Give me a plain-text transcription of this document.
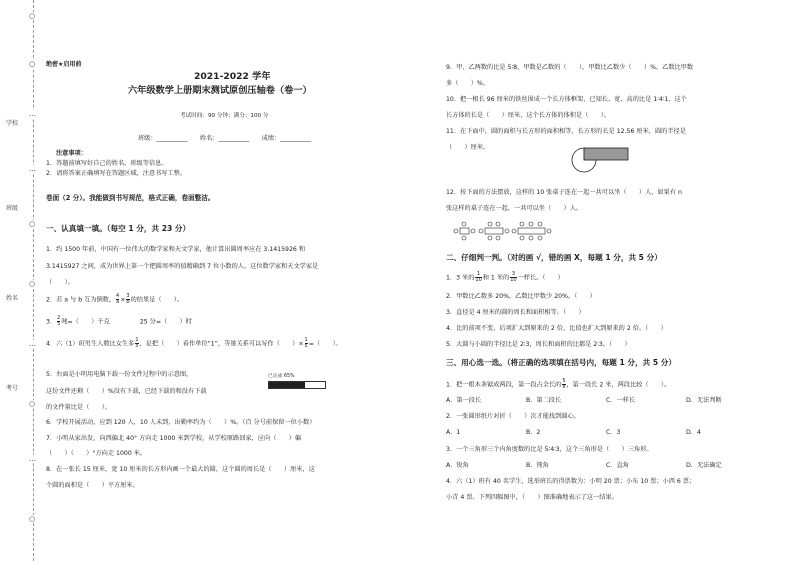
○
○
…
…
○
○
…
○
…
○
学校
班级
姓名
考号

绝密★启用前

2021-2022 学年

六年级数学上册期末测试原创压轴卷（卷一）

考试时间：90 分钟；满分：100 分

班级：__________　　姓名：__________　　成绩：__________

注意事项：

1．答题前填写好自己的姓名、班级等信息。

2．请将答案正确填写在答题区域，注意书写工整。

卷面（2 分）。我能做到书写规范，格式正确，卷面整洁。

一、认真填一填。（每空 1 分，共 23 分）

1．约 1500 年前，中国有一位伟大的数学家和天文学家，他计算出圆周率应在 3.1415926 和

3.1415927 之间，成为世界上第一个把圆周率的值精确到 7 位小数的人。这位数学家和天文学家是

（　　）。

2．若 a 与 b 互为倒数， $\frac{4}{a} \times \frac{3}{b}$ 的结果是（　　）。

3． $\frac{2}{5}$ 吨=（　　）千克	25 分=（　　）时

4．六（1）班男生人数比女生多 $\frac{1}{5}$ ，是把（　　）看作单位“1”，等量关系可以写作（　　）× $\frac{1}{5}$ =（　　）。

5．右面是小明用电脑下载一份文件过程中的示意图，

这份文件还剩（　　）%没有下载，已经下载的和没有下载

的文件量比是（　　）。

已完成 65%

6．学校开展活动，应到 120 人，10 人未到，出勤率约为（　　）%。（百 分号前保留一位小数）

7．小明从家出发，向西偏北 40° 方向走 1000 米到学校，从学校原路回家，应向（　　）偏

（　　）（　　）°方向走 1000 米。

8．在一张长 15 厘米，宽 10 厘米的长方形内画一个最大的圆，这个圆的周长是（　　）厘米，这

个圆的面积是（　　）平方厘米。

9．甲、乙两数的比是 5∶8，甲数是乙数的（　　），甲数比乙数少（　　）%，乙数比甲数

多（　　）%。

10．把一根长 96 厘米的铁丝围成一个长方体框架，已知长、宽、高的比是 1∶4∶1，这个

长方体的长是（　　）厘米，这个长方体的体积是（　　）。

11．在下面中，圆的面积与长方形的面积相等，长方形的长是 12.56 厘米，圆的半径是

（　　）厘米。

12．按下面的方法摆放，这样的 10 张桌子连在一起一共可以坐（　　）人，如果有 n

张这样的桌子连在一起，一共可以坐（　　）人。

二、仔细判一判。（对的画 √，错的画 X，每题 1 分，共 5 分）

1．3 米的 $\frac{1}{10}$ 和 1 米的 $\frac{3}{10}$ 一样长。（　　）

2．甲数比乙数多 20%，乙数比甲数少 20%。（　　）

3．直径是 4 厘米的圆的周长和面积相等。（　　）

4．比的前项不变，后项扩大到原来的 2 倍，比值也扩大到原来的 2 倍。（　　）

5．大圆与小圆的半径比是 2∶3，周长和面积的比都是 2∶3。（　　）

三、用心选一选。（将正确的选项填在括号内，每题 1 分，共 5 分）

1．把一根木条锯成两段，第一段占全长的 $\frac{5}{8}$ ，第一段长 2 米，两段比较（　　）。

A．第一段长	B．第二段长	C．一样长	D．无法判断

2．一张圆形纸片对折（　　）次才能找到圆心。

A．1	B．2	C．3	D．4

3．一个三角形三个内角度数的比是 5∶4∶3，这个三角形是（　　）三角形。

A．锐角	B．钝角	C．直角	D．无法确定

4．六（1）班有 40 名学生，选举班长的得票数为：小明 20 票；小东 10 票；小西 6 票；

小青 4 票。下列四幅图中，（　　）图准确地表示了这一结果。
